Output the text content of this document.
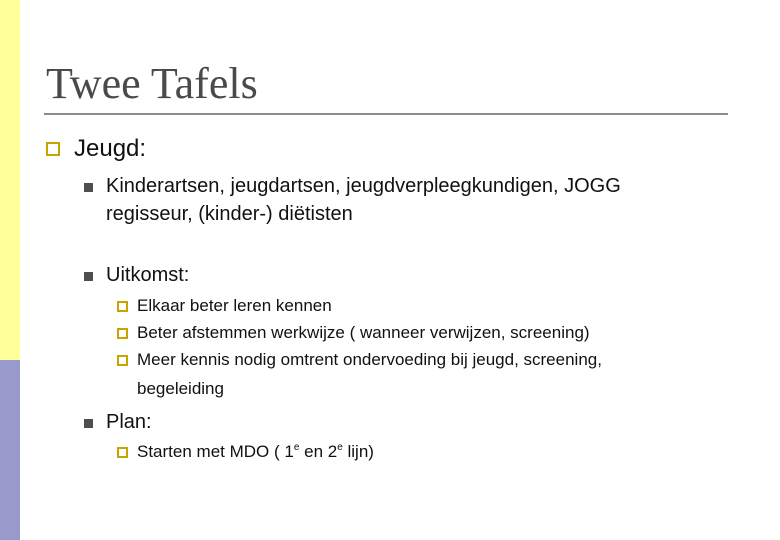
Twee Tafels
Jeugd:
Kinderartsen, jeugdartsen, jeugdverpleegkundigen, JOGG
regisseur, (kinder-) diëtisten
Uitkomst:
Elkaar beter leren kennen
Beter afstemmen werkwijze ( wanneer verwijzen, screening)
Meer kennis nodig omtrent ondervoeding bij jeugd, screening,
begeleiding
Plan:
Starten met MDO ( 1e en 2e lijn)
